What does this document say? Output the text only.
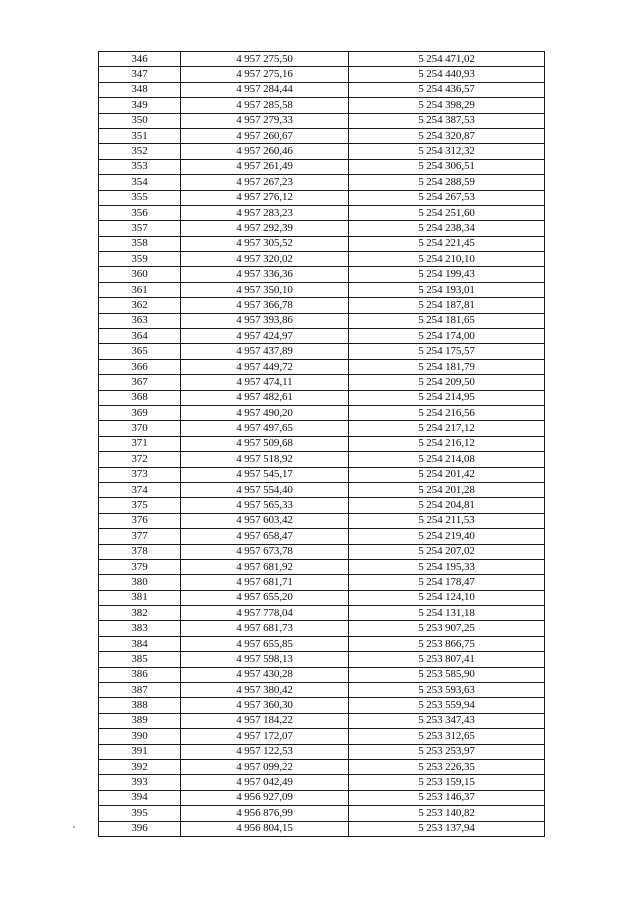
346	4 957 275,50	5 254 471,02
347	4 957 275,16	5 254 440,93
348	4 957 284,44	5 254 436,57
349	4 957 285,58	5 254 398,29
350	4 957 279,33	5 254 387,53
351	4 957 260,67	5 254 320,87
352	4 957 260,46	5 254 312,32
353	4 957 261,49	5 254 306,51
354	4 957 267,23	5 254 288,59
355	4 957 276,12	5 254 267,53
356	4 957 283,23	5 254 251,60
357	4 957 292,39	5 254 238,34
358	4 957 305,52	5 254 221,45
359	4 957 320,02	5 254 210,10
360	4 957 336,36	5 254 199,43
361	4 957 350,10	5 254 193,01
362	4 957 366,78	5 254 187,81
363	4 957 393,86	5 254 181,65
364	4 957 424,97	5 254 174,00
365	4 957 437,89	5 254 175,57
366	4 957 449,72	5 254 181,79
367	4 957 474,11	5 254 209,50
368	4 957 482,61	5 254 214,95
369	4 957 490,20	5 254 216,56
370	4 957 497,65	5 254 217,12
371	4 957 509,68	5 254 216,12
372	4 957 518,92	5 254 214,08
373	4 957 545,17	5 254 201,42
374	4 957 554,40	5 254 201,28
375	4 957 565,33	5 254 204,81
376	4 957 603,42	5 254 211,53
377	4 957 658,47	5 254 219,40
378	4 957 673,78	5 254 207,02
379	4 957 681,92	5 254 195,33
380	4 957 681,71	5 254 178,47
381	4 957 655,20	5 254 124,10
382	4 957 778,04	5 254 131,18
383	4 957 681,73	5 253 907,25
384	4 957 655,85	5 253 866,75
385	4 957 598,13	5 253 807,41
386	4 957 430,28	5 253 585,90
387	4 957 380,42	5 253 593,63
388	4 957 360,30	5 253 559,94
389	4 957 184,22	5 253 347,43
390	4 957 172,07	5 253 312,65
391	4 957 122,53	5 253 253,97
392	4 957 099,22	5 253 226,35
393	4 957 042,49	5 253 159,15
394	4 956 927,09	5 253 146,37
395	4 956 876,99	5 253 140,82
396	4 956 804,15	5 253 137,94
